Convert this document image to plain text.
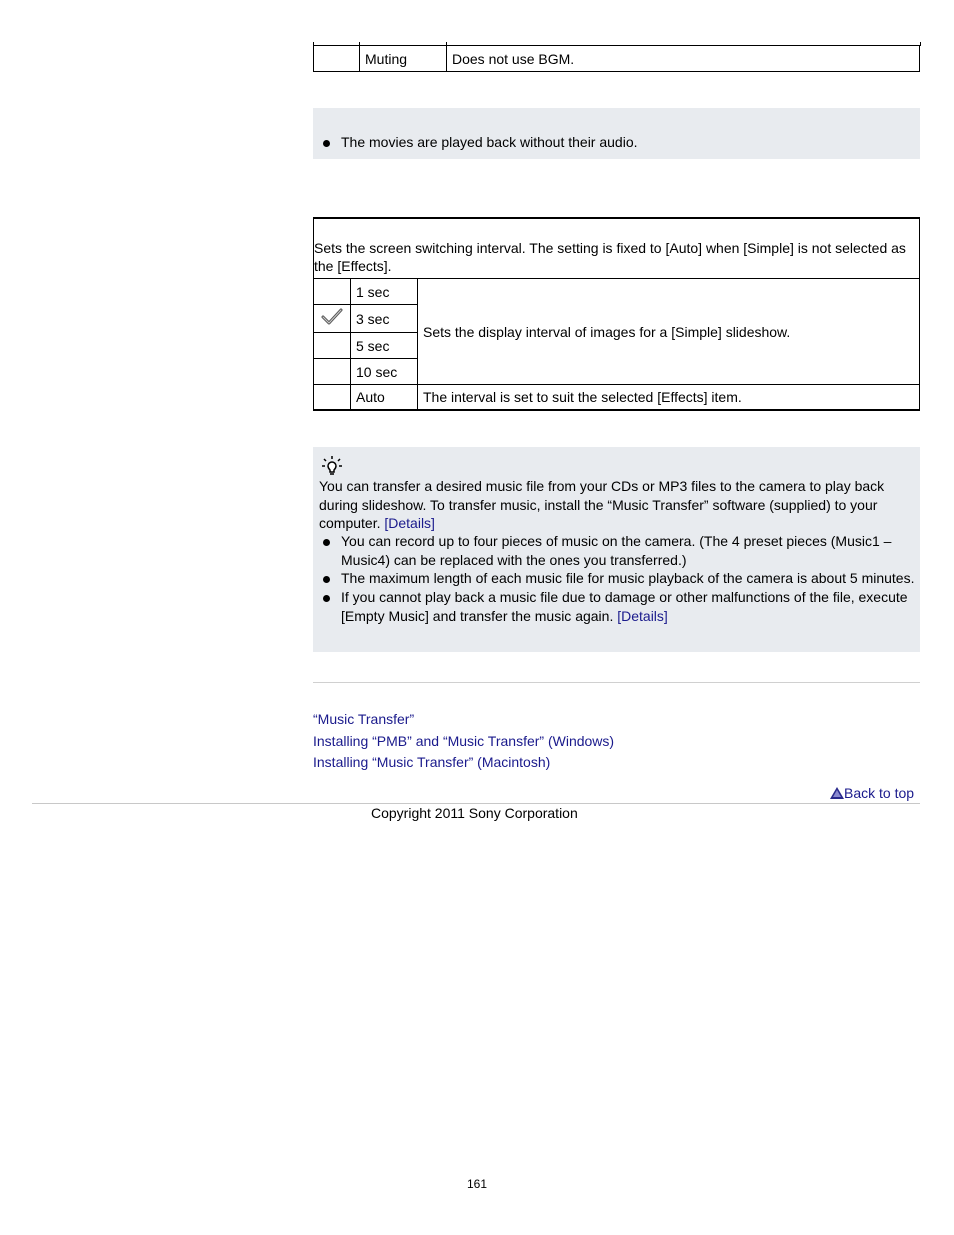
	Muting	Does not use BGM.
The movies are played back without their audio.
Sets the screen switching interval. The setting is fixed to [Auto] when [Simple] is not selected as the [Effects].
	1 sec	Sets the display interval of images for a [Simple] slideshow.
	3 sec	
	5 sec	
	10 sec	
	Auto	The interval is set to suit the selected [Effects] item.
You can transfer a desired music file from your CDs or MP3 files to the camera to play back during slideshow. To transfer music, install the “Music Transfer” software (supplied) to your computer. [Details]
You can record up to four pieces of music on the camera. (The 4 preset pieces (Music1 – Music4) can be replaced with the ones you transferred.)
The maximum length of each music file for music playback of the camera is about 5 minutes.
If you cannot play back a music file due to damage or other malfunctions of the file, execute [Empty Music] and transfer the music again. [Details]
“Music Transfer”
Installing “PMB” and “Music Transfer” (Windows)
Installing “Music Transfer” (Macintosh)
Back to top
Copyright 2011 Sony Corporation
161
